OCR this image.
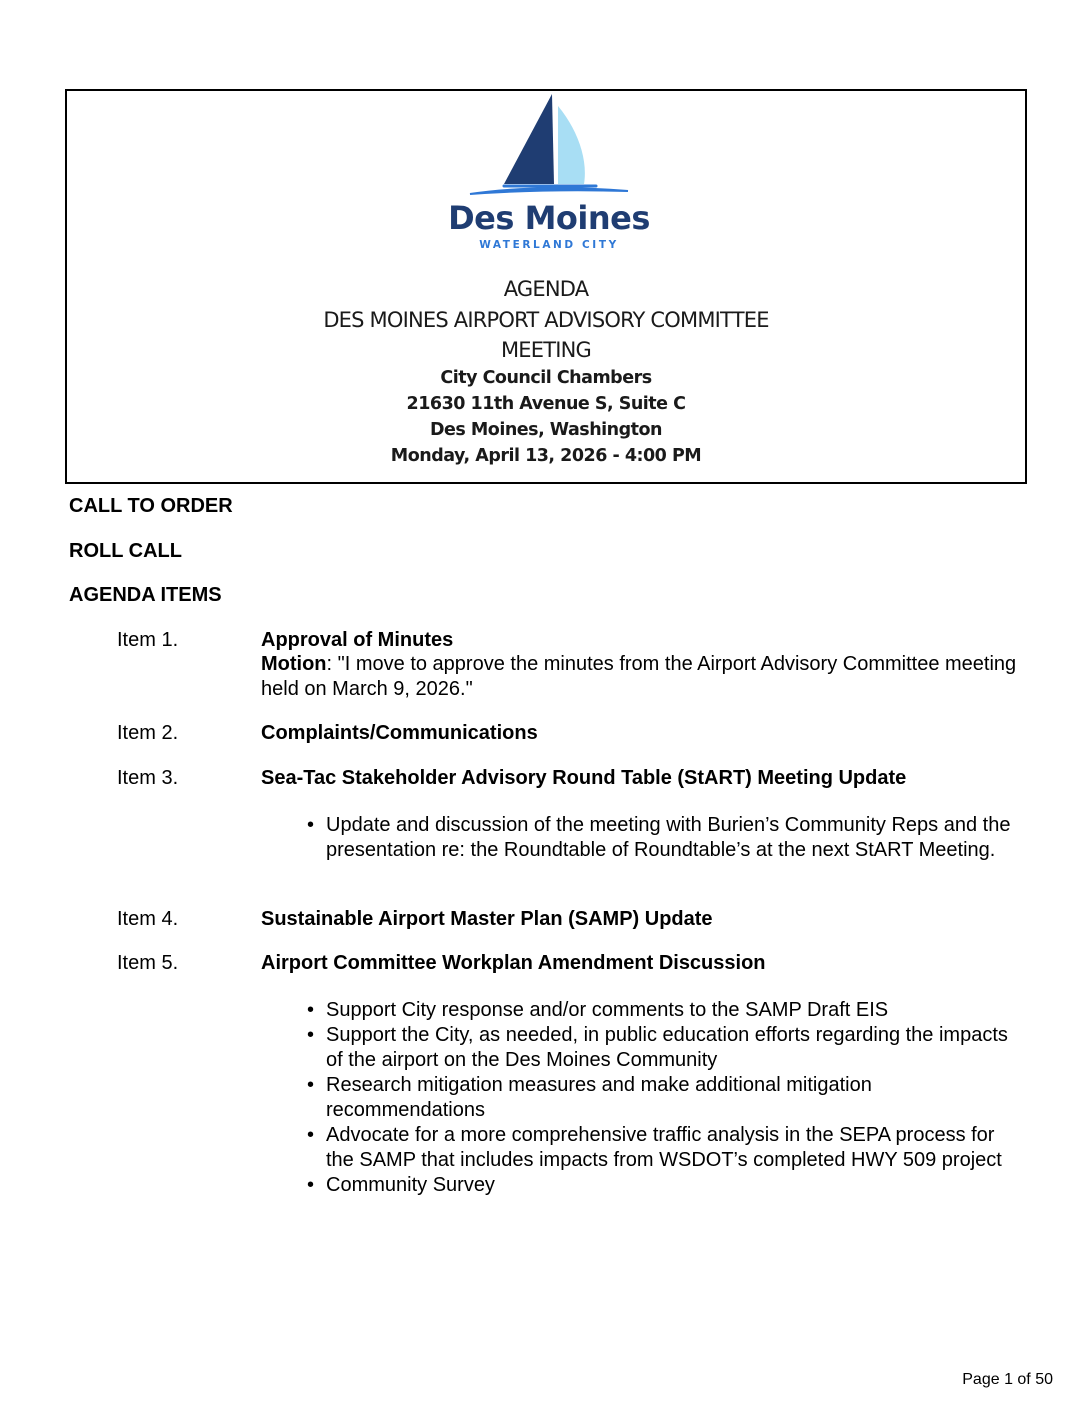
Des Moines
WATERLAND CITY
AGENDA
DES MOINES AIRPORT ADVISORY COMMITTEE
MEETING
City Council Chambers
21630 11th Avenue S, Suite C
Des Moines, Washington
Monday, April 13, 2026 - 4:00 PM
CALL TO ORDER
ROLL CALL
AGENDA ITEMS
Item 1.	Approval of Minutes
Motion: "I move to approve the minutes from the Airport Advisory Committee meeting held on March 9, 2026."
Item 2.	Complaints/Communications
Item 3.	Sea-Tac Stakeholder Advisory Round Table (StART) Meeting Update
• Update and discussion of the meeting with Burien’s Community Reps and the presentation re: the Roundtable of Roundtable’s at the next StART Meeting.
Item 4.	Sustainable Airport Master Plan (SAMP) Update
Item 5.	Airport Committee Workplan Amendment Discussion
• Support City response and/or comments to the SAMP Draft EIS
• Support the City, as needed, in public education efforts regarding the impacts of the airport on the Des Moines Community
• Research mitigation measures and make additional mitigation recommendations
• Advocate for a more comprehensive traffic analysis in the SEPA process for the SAMP that includes impacts from WSDOT’s completed HWY 509 project
• Community Survey
Page 1 of 50
